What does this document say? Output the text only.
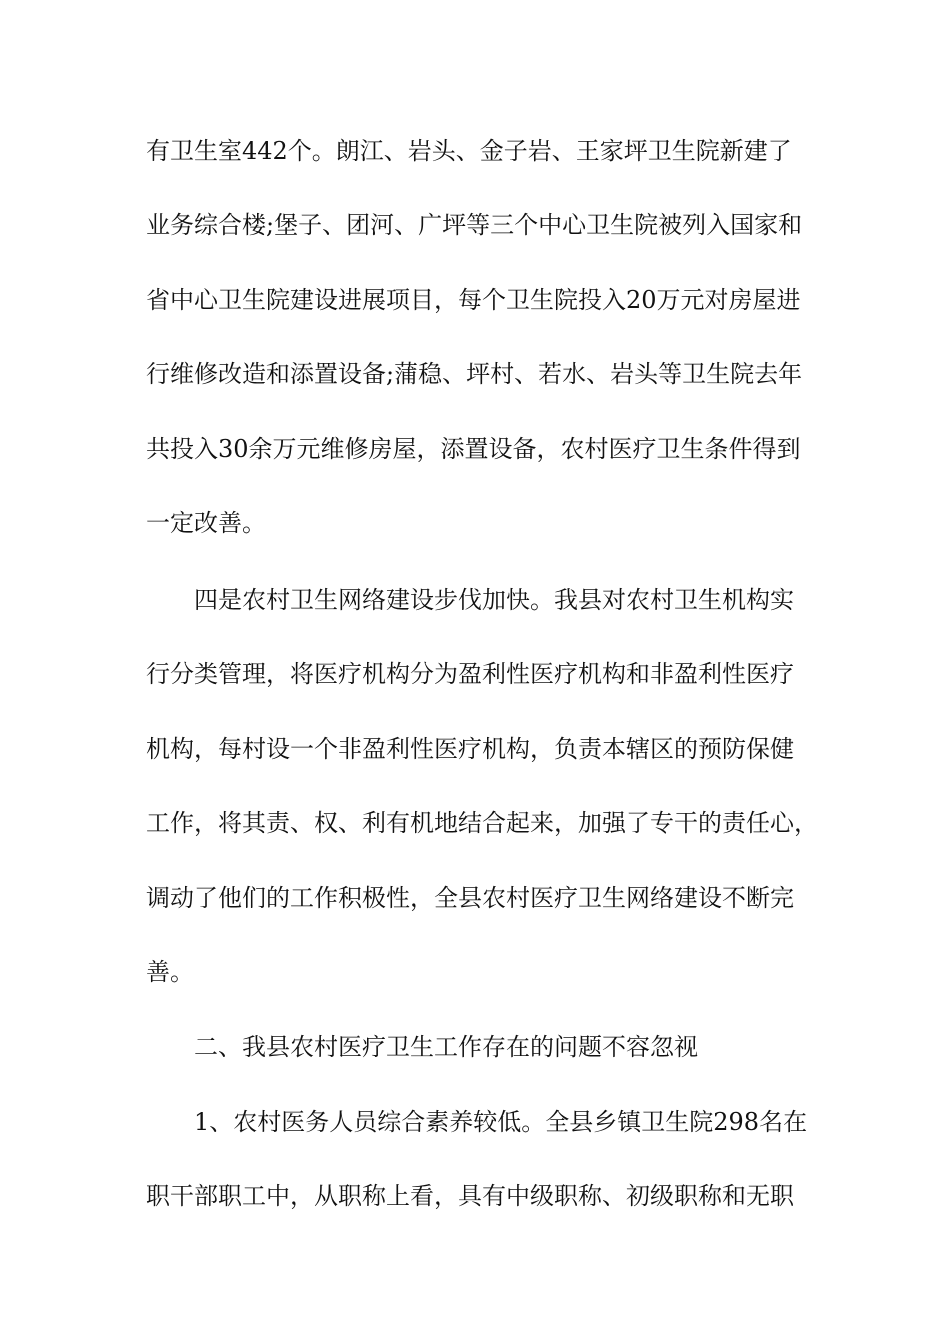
有卫生室442个。朗江、岩头、金子岩、王家坪卫生院新建了
业务综合楼;堡子、团河、广坪等三个中心卫生院被列入国家和
省中心卫生院建设进展项目，每个卫生院投入20万元对房屋进
行维修改造和添置设备;蒲稳、坪村、若水、岩头等卫生院去年
共投入30余万元维修房屋，添置设备，农村医疗卫生条件得到
一定改善。
四是农村卫生网络建设步伐加快。我县对农村卫生机构实
行分类管理，将医疗机构分为盈利性医疗机构和非盈利性医疗
机构，每村设一个非盈利性医疗机构，负责本辖区的预防保健
工作，将其责、权、利有机地结合起来，加强了专干的责任心，
调动了他们的工作积极性，全县农村医疗卫生网络建设不断完
善。
二、我县农村医疗卫生工作存在的问题不容忽视
1、农村医务人员综合素养较低。全县乡镇卫生院298名在
职干部职工中，从职称上看，具有中级职称、初级职称和无职
